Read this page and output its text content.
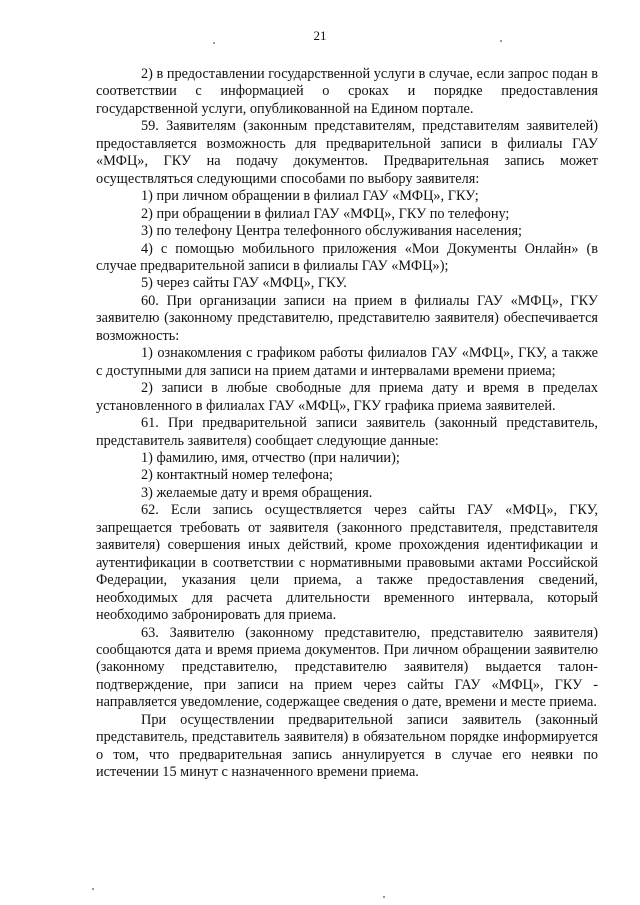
21

2) в предоставлении государственной услуги в случае, если запрос подан в соответствии с информацией о сроках и порядке предоставления государственной услуги, опубликованной на Едином портале.

59. Заявителям (законным представителям, представителям заявителей) предоставляется возможность для предварительной записи в филиалы ГАУ «МФЦ», ГКУ на подачу документов. Предварительная запись может осуществляться следующими способами по выбору заявителя:

1) при личном обращении в филиал ГАУ «МФЦ», ГКУ;

2) при обращении в филиал ГАУ «МФЦ», ГКУ по телефону;

3) по телефону Центра телефонного обслуживания населения;

4) с помощью мобильного приложения «Мои Документы Онлайн» (в случае предварительной записи в филиалы ГАУ «МФЦ»);

5) через сайты ГАУ «МФЦ», ГКУ.

60. При организации записи на прием в филиалы ГАУ «МФЦ», ГКУ заявителю (законному представителю, представителю заявителя) обеспечивается возможность:

1) ознакомления с графиком работы филиалов ГАУ «МФЦ», ГКУ, а также с доступными для записи на прием датами и интервалами времени приема;

2) записи в любые свободные для приема дату и время в пределах установленного в филиалах ГАУ «МФЦ», ГКУ графика приема заявителей.

61. При предварительной записи заявитель (законный представитель, представитель заявителя) сообщает следующие данные:

1) фамилию, имя, отчество (при наличии);

2) контактный номер телефона;

3) желаемые дату и время обращения.

62. Если запись осуществляется через сайты ГАУ «МФЦ», ГКУ, запрещается требовать от заявителя (законного представителя, представителя заявителя) совершения иных действий, кроме прохождения идентификации и аутентификации в соответствии с нормативными правовыми актами Российской Федерации, указания цели приема, а также предоставления сведений, необходимых для расчета длительности временного интервала, который необходимо забронировать для приема.

63. Заявителю (законному представителю, представителю заявителя) сообщаются дата и время приема документов. При личном обращении заявителю (законному представителю, представителю заявителя) выдается талон-подтверждение, при записи на прием через сайты ГАУ «МФЦ», ГКУ - направляется уведомление, содержащее сведения о дате, времени и месте приема.

При осуществлении предварительной записи заявитель (законный представитель, представитель заявителя) в обязательном порядке информируется о том, что предварительная запись аннулируется в случае его неявки по истечении 15 минут с назначенного времени приема.
